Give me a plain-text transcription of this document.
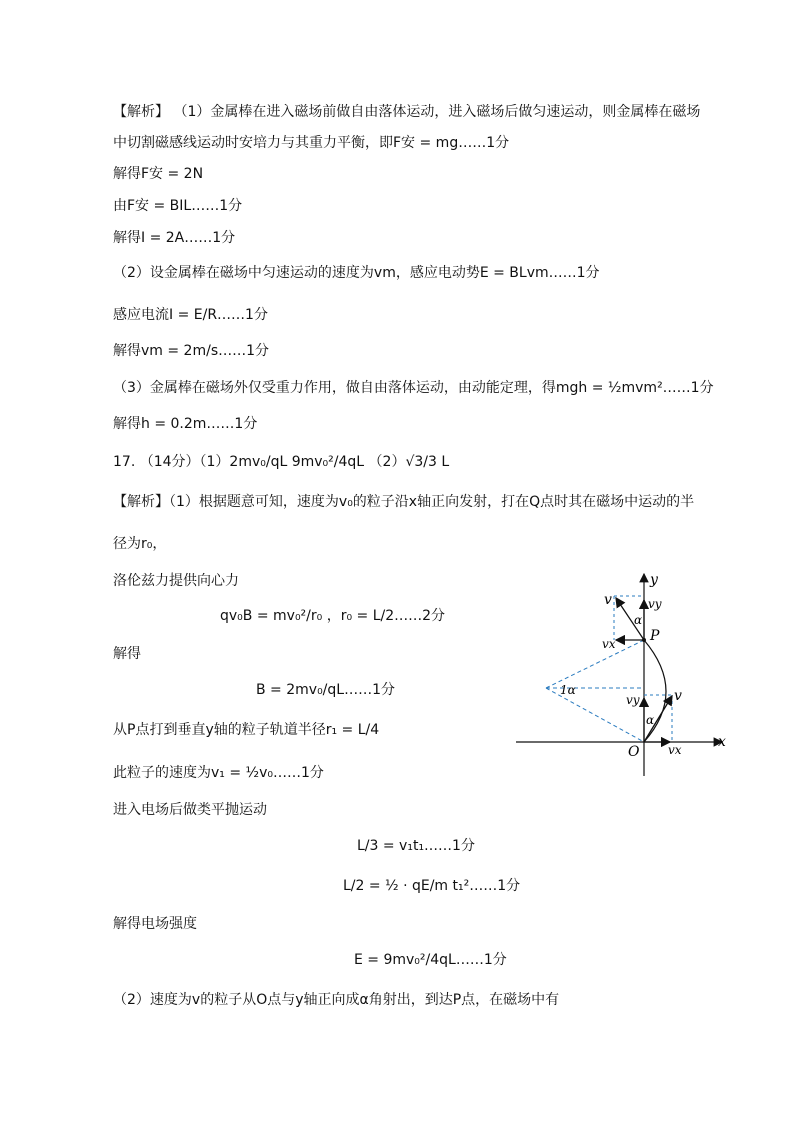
【解析】 （1）金属棒在进入磁场前做自由落体运动，进入磁场后做匀速运动，则金属棒在磁场
中切割磁感线运动时安培力与其重力平衡，即F安 = mg……1分
解得F安 = 2N
由F安 = BIL……1分
解得I = 2A……1分
（2）设金属棒在磁场中匀速运动的速度为vm，感应电动势E = BLvm……1分
感应电流I = E/R……1分
解得vm = 2m/s……1分
（3）金属棒在磁场外仅受重力作用，做自由落体运动，由动能定理，得mgh = ½mvm²……1分
解得h = 0.2m……1分
17. （14分）（1）2mv₀/qL 9mv₀²/4qL （2）√3/3 L
【解析】（1）根据题意可知，速度为v₀的粒子沿x轴正向发射，打在Q点时其在磁场中运动的半
径为r₀，
洛伦兹力提供向心力
qv₀B = mv₀²/r₀ ，r₀ = L/2……2分
解得
B = 2mv₀/qL……1分
从P点打到垂直y轴的粒子轨道半径r₁ = L/4
此粒子的速度为v₁ = ½v₀……1分
进入电场后做类平抛运动
L/3 = v₁t₁……1分
L/2 = ½ · qE/m t₁²……1分
解得电场强度
E = 9mv₀²/4qL……1分
（2）速度为v的粒子从O点与y轴正向成α角射出，到达P点，在磁场中有
y
x
O
P
v	vy
vx
α
1α
vy v
α
vx
